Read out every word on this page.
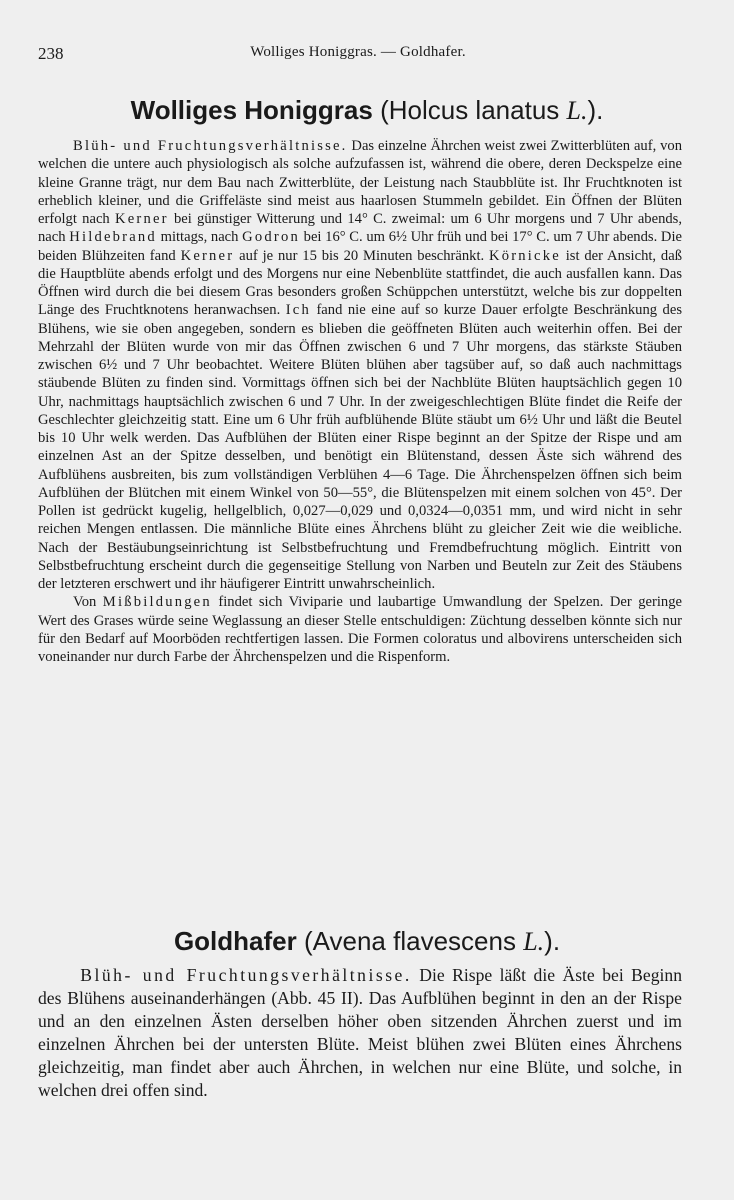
238	Wolliges Honiggras. — Goldhafer.
Wolliges Honiggras (Holcus lanatus L.).

Blüh- und Fruchtungsverhältnisse. Das einzelne Ährchen weist zwei Zwitterblüten auf, von welchen die untere auch physiologisch als solche aufzufassen ist, während die obere, deren Deckspelze eine kleine Granne trägt, nur dem Bau nach Zwitterblüte, der Leistung nach Staubblüte ist. Ihr Fruchtknoten ist erheblich kleiner, und die Griffeläste sind meist aus haarlosen Stummeln gebildet. Ein Öffnen der Blüten erfolgt nach Kerner bei günstiger Witterung und 14° C. zweimal: um 6 Uhr morgens und 7 Uhr abends, nach Hildebrand mittags, nach Godron bei 16° C. um 6½ Uhr früh und bei 17° C. um 7 Uhr abends. Die beiden Blühzeiten fand Kerner auf je nur 15 bis 20 Minuten beschränkt. Körnicke ist der Ansicht, daß die Hauptblüte abends erfolgt und des Morgens nur eine Nebenblüte stattfindet, die auch ausfallen kann. Das Öffnen wird durch die bei diesem Gras besonders großen Schüppchen unterstützt, welche bis zur doppelten Länge des Fruchtknotens heranwachsen. Ich fand nie eine auf so kurze Dauer erfolgte Beschränkung des Blühens, wie sie oben angegeben, sondern es blieben die geöffneten Blüten auch weiterhin offen. Bei der Mehrzahl der Blüten wurde von mir das Öffnen zwischen 6 und 7 Uhr morgens, das stärkste Stäuben zwischen 6½ und 7 Uhr beobachtet. Weitere Blüten blühen aber tagsüber auf, so daß auch nachmittags stäubende Blüten zu finden sind. Vormittags öffnen sich bei der Nachblüte Blüten hauptsächlich gegen 10 Uhr, nachmittags hauptsächlich zwischen 6 und 7 Uhr. In der zweigeschlechtigen Blüte findet die Reife der Geschlechter gleichzeitig statt. Eine um 6 Uhr früh aufblühende Blüte stäubt um 6½ Uhr und läßt die Beutel bis 10 Uhr welk werden. Das Aufblühen der Blüten einer Rispe beginnt an der Spitze der Rispe und am einzelnen Ast an der Spitze desselben, und benötigt ein Blütenstand, dessen Äste sich während des Aufblühens ausbreiten, bis zum vollständigen Verblühen 4—6 Tage. Die Ährchenspelzen öffnen sich beim Aufblühen der Blütchen mit einem Winkel von 50—55°, die Blütenspelzen mit einem solchen von 45°. Der Pollen ist gedrückt kugelig, hellgelblich, 0,027—0,029 und 0,0324—0,0351 mm, und wird nicht in sehr reichen Mengen entlassen. Die männliche Blüte eines Ährchens blüht zu gleicher Zeit wie die weibliche. Nach der Bestäubungseinrichtung ist Selbstbefruchtung und Fremdbefruchtung möglich. Eintritt von Selbstbefruchtung erscheint durch die gegenseitige Stellung von Narben und Beuteln zur Zeit des Stäubens der letzteren erschwert und ihr häufigerer Eintritt unwahrscheinlich.

Von Mißbildungen findet sich Viviparie und laubartige Umwandlung der Spelzen. Der geringe Wert des Grases würde seine Weglassung an dieser Stelle entschuldigen: Züchtung desselben könnte sich nur für den Bedarf auf Moorböden rechtfertigen lassen. Die Formen coloratus und albovirens unterscheiden sich voneinander nur durch Farbe der Ährchenspelzen und die Rispenform.

Goldhafer (Avena flavescens L.).

Blüh- und Fruchtungsverhältnisse. Die Rispe läßt die Äste bei Beginn des Blühens auseinanderhängen (Abb. 45 II). Das Aufblühen beginnt in den an der Rispe und an den einzelnen Ästen derselben höher oben sitzenden Ährchen zuerst und im einzelnen Ährchen bei der untersten Blüte. Meist blühen zwei Blüten eines Ährchens gleichzeitig, man findet aber auch Ährchen, in welchen nur eine Blüte, und solche, in welchen drei offen sind.
